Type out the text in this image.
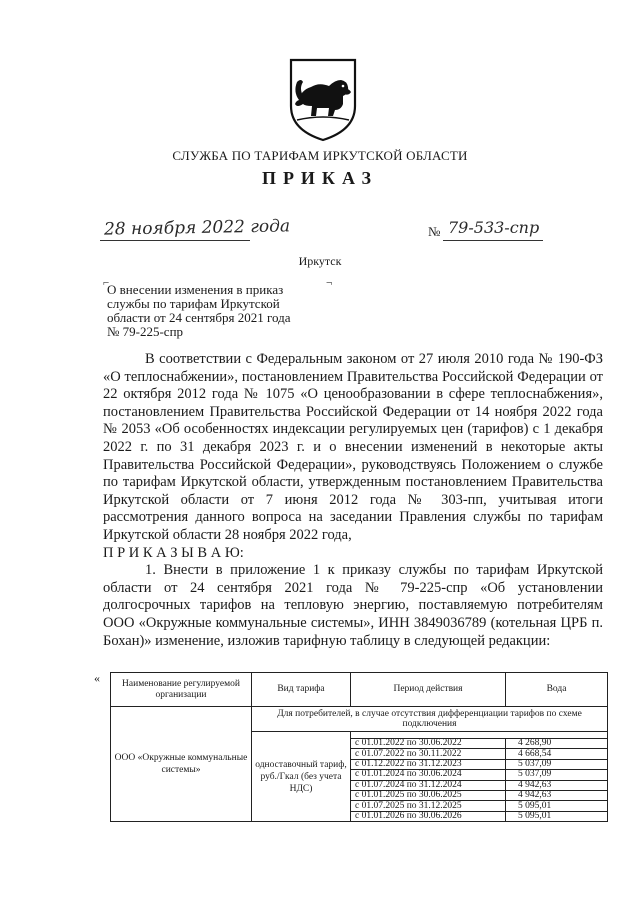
СЛУЖБА ПО ТАРИФАМ ИРКУТСКОЙ ОБЛАСТИ
ПРИКАЗ
28 ноября 2022 года	№ 79-533-спр
Иркутск
⌐	¬
О внесении изменения в приказ
службы по тарифам Иркутской
области от 24 сентября 2021 года
№ 79-225-спр

В соответствии с Федеральным законом от 27 июля 2010 года № 190-ФЗ «О теплоснабжении», постановлением Правительства Российской Федерации от 22 октября 2012 года № 1075 «О ценообразовании в сфере теплоснабжения», постановлением Правительства Российской Федерации от 14 ноября 2022 года № 2053 «Об особенностях индексации регулируемых цен (тарифов) с 1 декабря 2022 г. по 31 декабря 2023 г. и о внесении изменений в некоторые акты Правительства Российской Федерации», руководствуясь Положением о службе по тарифам Иркутской области, утвержденным постановлением Правительства Иркутской области от 7 июня 2012 года № 303-пп, учитывая итоги рассмотрения данного вопроса на заседании Правления службы по тарифам Иркутской области 28 ноября 2022 года,

П Р И К А З Ы В А Ю:

1. Внести в приложение 1 к приказу службы по тарифам Иркутской области от 24 сентября 2021 года № 79-225-спр «Об установлении долгосрочных тарифов на тепловую энергию, поставляемую потребителям ООО «Окружные коммунальные системы», ИНН 3849036789 (котельная ЦРБ п. Бохан)» изменение, изложив тарифную таблицу в следующей редакции:

« Наименование регулируемой организации	Вид тарифа	Период действия	Вода
ООО «Окружные коммунальные системы»	Для потребителей, в случае отсутствия дифференциации тарифов по схеме подключения		
	одноставочный тариф, руб./Гкал (без учета НДС)		
		с 01.01.2022 по 30.06.2022	4 268,90
		с 01.07.2022 по 30.11.2022	4 668,54
		с 01.12.2022 по 31.12.2023	5 037,09
		с 01.01.2024 по 30.06.2024	5 037,09
		с 01.07.2024 по 31.12.2024	4 942,63
		с 01.01.2025 по 30.06.2025	4 942,63
		с 01.07.2025 по 31.12.2025	5 095,01
		с 01.01.2026 по 30.06.2026	5 095,01
